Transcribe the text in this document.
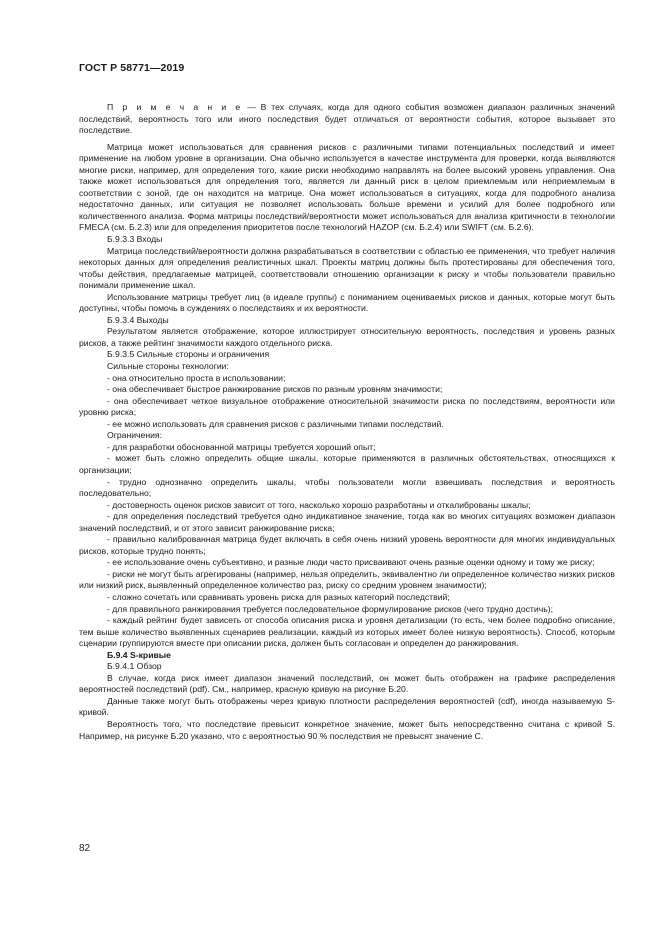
ГОСТ Р 58771—2019

П р и м е ч а н и е — В тех случаях, когда для одного события возможен диапазон различных значений последствий, вероятность того или иного последствия будет отличаться от вероятности события, которое вызывает это последствие.

Матрица может использоваться для сравнения рисков с различными типами потенциальных последствий и имеет применение на любом уровне в организации. Она обычно используется в качестве инструмента для проверки, когда выявляются многие риски, например, для определения того, какие риски необходимо направлять на более высокий уровень управления. Она также может использоваться для определения того, является ли данный риск в целом приемлемым или неприемлемым в соответствии с зоной, где он находится на матрице. Она может использоваться в ситуациях, когда для подробного анализа недостаточно данных, или ситуация не позволяет использовать больше времени и усилий для более подробного или количественного анализа. Форма матрицы последствий/вероятности может использоваться для анализа критичности в технологии FMECA (см. Б.2.3) или для определения приоритетов после технологий HAZOP (см. Б.2.4) или SWIFT (см. Б.2.6).

Б.9.3.3 Входы

Матрица последствий/вероятности должна разрабатываться в соответствии с областью ее применения, что требует наличия некоторых данных для определения реалистичных шкал. Проекты матриц должны быть протестированы для обеспечения того, чтобы действия, предлагаемые матрицей, соответствовали отношению организации к риску и чтобы пользователи правильно понимали применение шкал.

Использование матрицы требует лиц (в идеале группы) с пониманием оцениваемых рисков и данных, которые могут быть доступны, чтобы помочь в суждениях о последствиях и их вероятности.

Б.9.3.4 Выходы

Результатом является отображение, которое иллюстрирует относительную вероятность, последствия и уровень разных рисков, а также рейтинг значимости каждого отдельного риска.

Б.9.3.5 Сильные стороны и ограничения

Сильные стороны технологии:

- она относительно проста в использовании;

- она обеспечивает быстрое ранжирование рисков по разным уровням значимости;

- она обеспечивает четкое визуальное отображение относительной значимости риска по последствиям, вероятности или уровню риска;

- ее можно использовать для сравнения рисков с различными типами последствий.

Ограничения:

- для разработки обоснованной матрицы требуется хороший опыт;

- может быть сложно определить общие шкалы, которые применяются в различных обстоятельствах, относящихся к организации;

- трудно однозначно определить шкалы, чтобы пользователи могли взвешивать последствия и вероятность последовательно;

- достоверность оценок рисков зависит от того, насколько хорошо разработаны и откалиброваны шкалы;

- для определения последствий требуется одно индикативное значение, тогда как во многих ситуациях возможен диапазон значений последствий, и от этого зависит ранжирование риска;

- правильно калиброванная матрица будет включать в себя очень низкий уровень вероятности для многих индивидуальных рисков, которые трудно понять;

- ее использование очень субъективно, и разные люди часто присваивают очень разные оценки одному и тому же риску;

- риски не могут быть агрегированы (например, нельзя определить, эквивалентно ли определенное количество низких рисков или низкий риск, выявленный определенное количество раз, риску со средним уровнем значимости);

- сложно сочетать или сравнивать уровень риска для разных категорий последствий;

- для правильного ранжирования требуется последовательное формулирование рисков (чего трудно достичь);

- каждый рейтинг будет зависеть от способа описания риска и уровня детализации (то есть, чем более подробно описание, тем выше количество выявленных сценариев реализации, каждый из которых имеет более низкую вероятность). Способ, которым сценарии группируются вместе при описании риска, должен быть согласован и определен до ранжирования.

Б.9.4 S-кривые

Б.9.4.1 Обзор

В случае, когда риск имеет диапазон значений последствий, он может быть отображен на графике распределения вероятностей последствий (pdf). См., например, красную кривую на рисунке Б.20.

Данные также могут быть отображены через кривую плотности распределения вероятностей (cdf), иногда называемую S-кривой.

Вероятность того, что последствие превысит конкретное значение, может быть непосредственно считана с кривой S. Например, на рисунке Б.20 указано, что с вероятностью 90 % последствия не превысят значение C.

82
